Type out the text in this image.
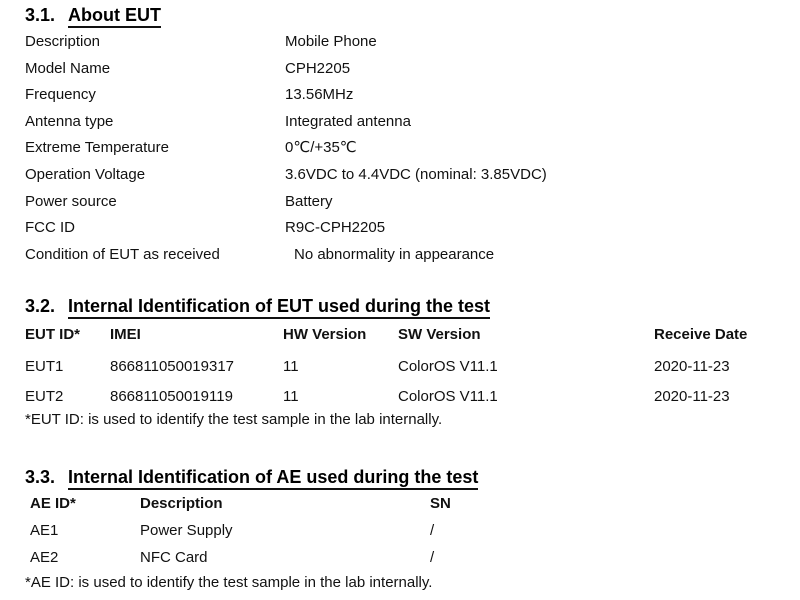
3.1. About EUT
Description	Mobile Phone
Model Name	CPH2205
Frequency	13.56MHz
Antenna type	Integrated antenna
Extreme Temperature	0℃/+35℃
Operation Voltage	3.6VDC to 4.4VDC (nominal: 3.85VDC)
Power source	Battery
FCC ID	R9C-CPH2205
Condition of EUT as received	No abnormality in appearance
3.2. Internal Identification of EUT used during the test
EUT ID*	IMEI	HW Version	SW Version	Receive Date
EUT1	866811050019317	11	ColorOS V11.1	2020-11-23
EUT2	866811050019119	11	ColorOS V11.1	2020-11-23
*EUT ID: is used to identify the test sample in the lab internally.
3.3. Internal Identification of AE used during the test
AE ID*	Description	SN
AE1	Power Supply	/
AE2	NFC Card	/
*AE ID: is used to identify the test sample in the lab internally.
